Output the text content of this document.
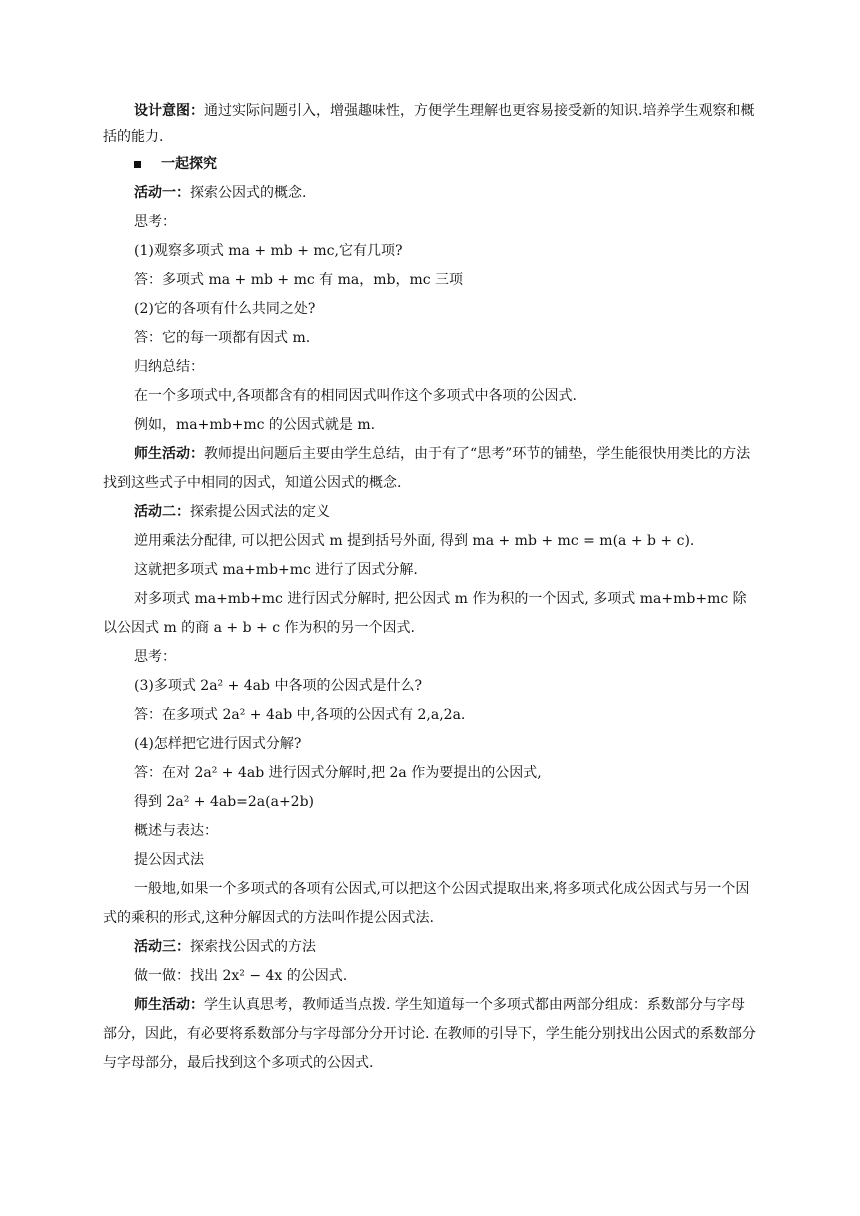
设计意图：通过实际问题引入，增强趣味性，方便学生理解也更容易接受新的知识.培养学生观察和概括的能力.

一起探究

活动一：探索公因式的概念.

思考：

(1)观察多项式 ma + mb + mc,它有几项?

答：多项式 ma + mb + mc 有 ma，mb，mc 三项

(2)它的各项有什么共同之处?

答：它的每一项都有因式 m.

归纳总结：

在一个多项式中,各项都含有的相同因式叫作这个多项式中各项的公因式.

例如，ma+mb+mc 的公因式就是 m.

师生活动：教师提出问题后主要由学生总结，由于有了“思考”环节的铺垫，学生能很快用类比的方法找到这些式子中相同的因式，知道公因式的概念.

活动二：探索提公因式法的定义

逆用乘法分配律, 可以把公因式 m 提到括号外面, 得到 ma + mb + mc = m(a + b + c).

这就把多项式 ma+mb+mc 进行了因式分解.

对多项式 ma+mb+mc 进行因式分解时, 把公因式 m 作为积的一个因式, 多项式 ma+mb+mc 除以公因式 m 的商 a + b + c 作为积的另一个因式.

思考：

(3)多项式 2a² + 4ab 中各项的公因式是什么?

答：在多项式 2a² + 4ab 中,各项的公因式有 2,a,2a.

(4)怎样把它进行因式分解?

答：在对 2a² + 4ab 进行因式分解时,把 2a 作为要提出的公因式,

得到 2a² + 4ab=2a(a+2b)

概述与表达：

提公因式法

一般地,如果一个多项式的各项有公因式,可以把这个公因式提取出来,将多项式化成公因式与另一个因式的乘积的形式,这种分解因式的方法叫作提公因式法.

活动三：探索找公因式的方法

做一做：找出 2x² − 4x 的公因式.

师生活动：学生认真思考，教师适当点拨. 学生知道每一个多项式都由两部分组成：系数部分与字母部分，因此，有必要将系数部分与字母部分分开讨论. 在教师的引导下，学生能分别找出公因式的系数部分与字母部分，最后找到这个多项式的公因式.
